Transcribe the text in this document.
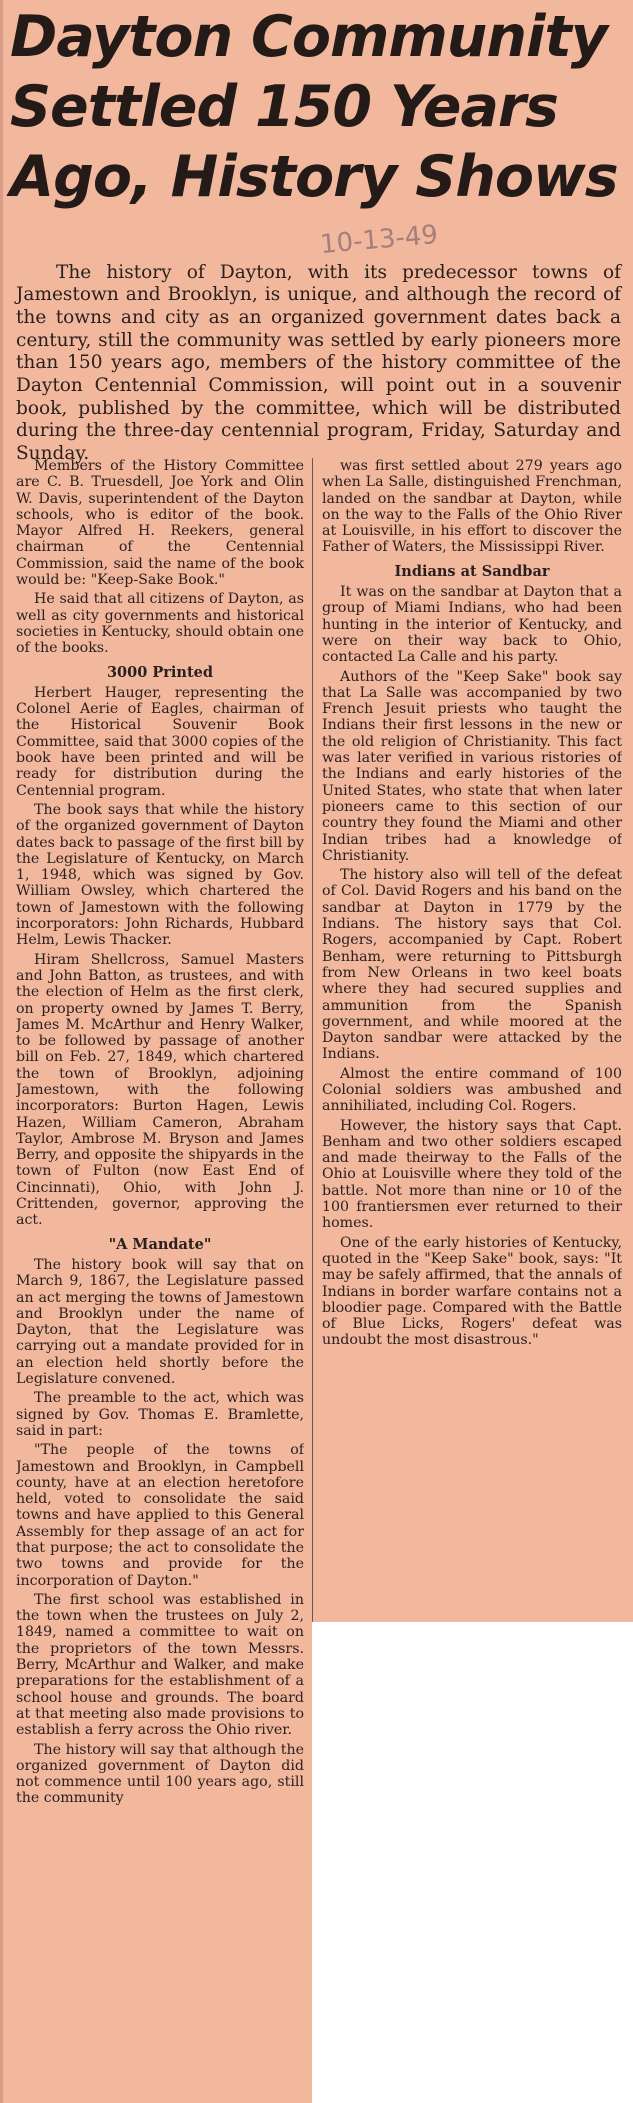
Dayton Community
Settled 150 Years
Ago, History Shows
10-13-49

The history of Dayton, with its predecessor towns of Jamestown and Brooklyn, is unique, and although the record of the towns and city as an organized government dates back a century, still the community was settled by early pioneers more than 150 years ago, members of the history committee of the Dayton Centennial Commission, will point out in a souvenir book, published by the committee, which will be distributed during the three-day centennial program, Friday, Saturday and Sunday.

Members of the History Committee are C. B. Truesdell, Joe York and Olin W. Davis, superintendent of the Dayton schools, who is editor of the book. Mayor Alfred H. Reekers, general chairman of the Centennial Commission, said the name of the book would be: "Keep-Sake Book."

He said that all citizens of Dayton, as well as city governments and historical societies in Kentucky, should obtain one of the books.

3000 Printed

Herbert Hauger, representing the Colonel Aerie of Eagles, chairman of the Historical Souvenir Book Committee, said that 3000 copies of the book have been printed and will be ready for distribution during the Centennial program.

The book says that while the history of the organized government of Dayton dates back to passage of the first bill by the Legislature of Kentucky, on March 1, 1948, which was signed by Gov. William Owsley, which chartered the town of Jamestown with the following incorporators: John Richards, Hubbard Helm, Lewis Thacker.

Hiram Shellcross, Samuel Masters and John Batton, as trustees, and with the election of Helm as the first clerk, on property owned by James T. Berry, James M. McArthur and Henry Walker, to be followed by passage of another bill on Feb. 27, 1849, which chartered the town of Brooklyn, adjoining Jamestown, with the following incorporators: Burton Hagen, Lewis Hazen, William Cameron, Abraham Taylor, Ambrose M. Bryson and James Berry, and opposite the shipyards in the town of Fulton (now East End of Cincinnati), Ohio, with John J. Crittenden, governor, approving the act.

"A Mandate"

The history book will say that on March 9, 1867, the Legislature passed an act merging the towns of Jamestown and Brooklyn under the name of Dayton, that the Legislature was carrying out a mandate provided for in an election held shortly before the Legislature convened.

The preamble to the act, which was signed by Gov. Thomas E. Bramlette, said in part:

"The people of the towns of Jamestown and Brooklyn, in Campbell county, have at an election heretofore held, voted to consolidate the said towns and have applied to this General Assembly for thep assage of an act for that purpose; the act to consolidate the two towns and provide for the incorporation of Dayton."

The first school was established in the town when the trustees on July 2, 1849, named a committee to wait on the proprietors of the town Messrs. Berry, McArthur and Walker, and make preparations for the establishment of a school house and grounds. The board at that meeting also made provisions to establish a ferry across the Ohio river.

The history will say that although the organized government of Dayton did not commence until 100 years ago, still the community

was first settled about 279 years ago when La Salle, distinguished Frenchman, landed on the sandbar at Dayton, while on the way to the Falls of the Ohio River at Louisville, in his effort to discover the Father of Waters, the Mississippi River.

Indians at Sandbar

It was on the sandbar at Dayton that a group of Miami Indians, who had been hunting in the interior of Kentucky, and were on their way back to Ohio, contacted La Calle and his party.

Authors of the "Keep Sake" book say that La Salle was accompanied by two French Jesuit priests who taught the Indians their first lessons in the new or the old religion of Christianity. This fact was later verified in various ristories of the Indians and early histories of the United States, who state that when later pioneers came to this section of our country they found the Miami and other Indian tribes had a knowledge of Christianity.

The history also will tell of the defeat of Col. David Rogers and his band on the sandbar at Dayton in 1779 by the Indians. The history says that Col. Rogers, accompanied by Capt. Robert Benham, were returning to Pittsburgh from New Orleans in two keel boats where they had secured supplies and ammunition from the Spanish government, and while moored at the Dayton sandbar were attacked by the Indians.

Almost the entire command of 100 Colonial soldiers was ambushed and annihiliated, including Col. Rogers.

However, the history says that Capt. Benham and two other soldiers escaped and made theirway to the Falls of the Ohio at Louisville where they told of the battle. Not more than nine or 10 of the 100 frantiersmen ever returned to their homes.

One of the early histories of Kentucky, quoted in the "Keep Sake" book, says: "It may be safely affirmed, that the annals of Indians in border warfare contains not a bloodier page. Compared with the Battle of Blue Licks, Rogers' defeat was undoubt the most disastrous."
